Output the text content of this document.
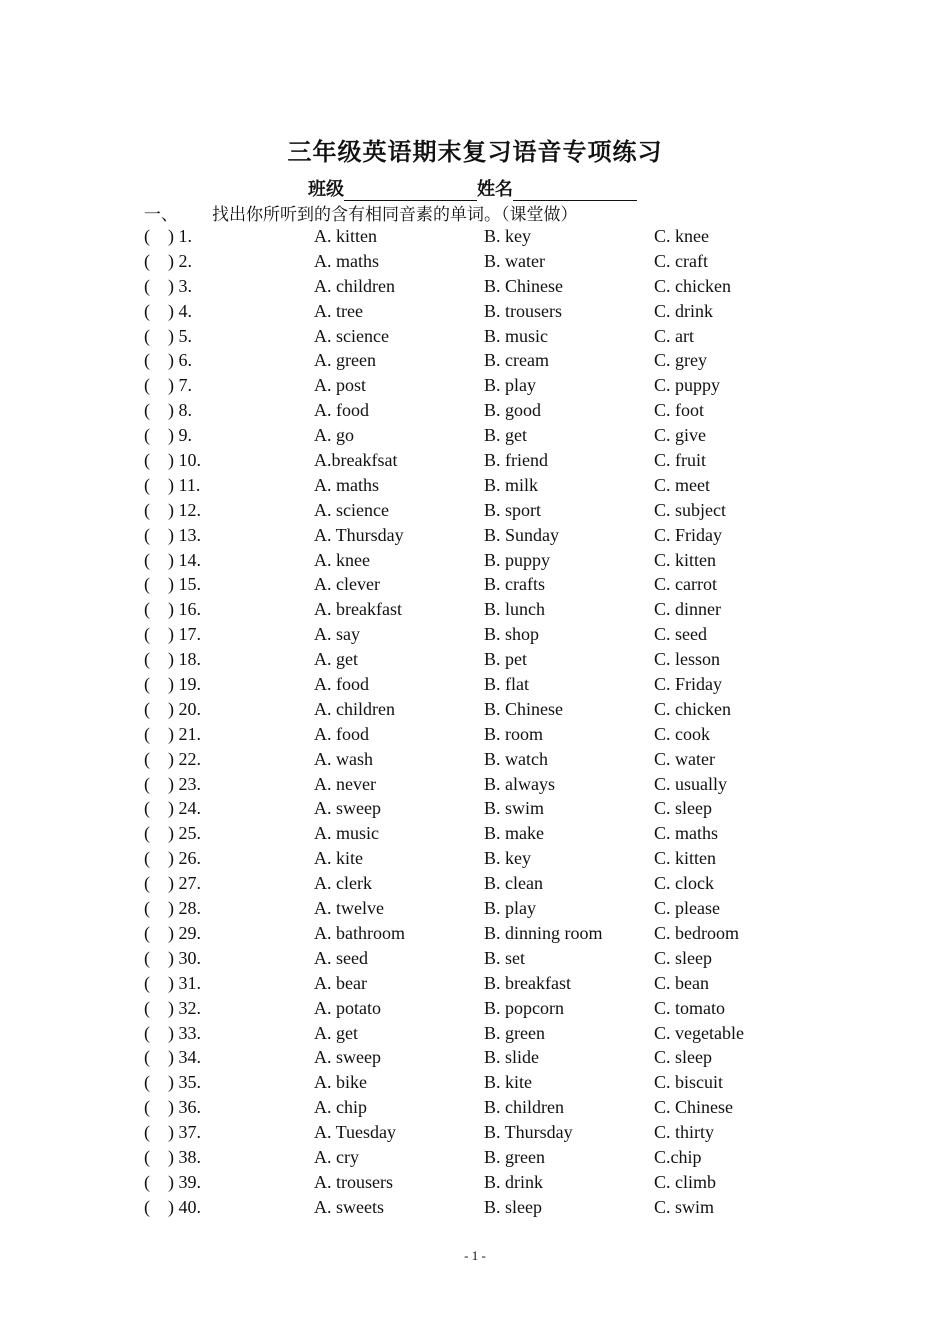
三年级英语期末复习语音专项练习
班级	姓名
一、 找出你所听到的含有相同音素的单词。（课堂做）
(    ) 1.	A. kitten	B. key	C. knee
(    ) 2.	A. maths	B. water	C. craft
(    ) 3.	A. children	B. Chinese	C. chicken
(    ) 4.	A. tree	B. trousers	C. drink
(    ) 5.	A. science	B. music	C. art
(    ) 6.	A. green	B. cream	C. grey
(    ) 7.	A. post	B. play	C. puppy
(    ) 8.	A. food	B. good	C. foot
(    ) 9.	A. go	B. get	C. give
(    ) 10.	A.breakfsat	B. friend	C. fruit
(    ) 11.	A. maths	B. milk	C. meet
(    ) 12.	A. science	B. sport	C. subject
(    ) 13.	A. Thursday	B. Sunday	C. Friday
(    ) 14.	A. knee	B. puppy	C. kitten
(    ) 15.	A. clever	B. crafts	C. carrot
(    ) 16.	A. breakfast	B. lunch	C. dinner
(    ) 17.	A. say	B. shop	C. seed
(    ) 18.	A. get	B. pet	C. lesson
(    ) 19.	A. food	B. flat	C. Friday
(    ) 20.	A. children	B. Chinese	C. chicken
(    ) 21.	A. food	B. room	C. cook
(    ) 22.	A. wash	B. watch	C. water
(    ) 23.	A. never	B. always	C. usually
(    ) 24.	A. sweep	B. swim	C. sleep
(    ) 25.	A. music	B. make	C. maths
(    ) 26.	A. kite	B. key	C. kitten
(    ) 27.	A. clerk	B. clean	C. clock
(    ) 28.	A. twelve	B. play	C. please
(    ) 29.	A. bathroom	B. dinning room	C. bedroom
(    ) 30.	A. seed	B. set	C. sleep
(    ) 31.	A. bear	B. breakfast	C. bean
(    ) 32.	A. potato	B. popcorn	C. tomato
(    ) 33.	A. get	B. green	C. vegetable
(    ) 34.	A. sweep	B. slide	C. sleep
(    ) 35.	A. bike	B. kite	C. biscuit
(    ) 36.	A. chip	B. children	C. Chinese
(    ) 37.	A. Tuesday	B. Thursday	C. thirty
(    ) 38.	A. cry	B. green	C.chip
(    ) 39.	A. trousers	B. drink	C. climb
(    ) 40.	A. sweets	B. sleep	C. swim
- 1 -
